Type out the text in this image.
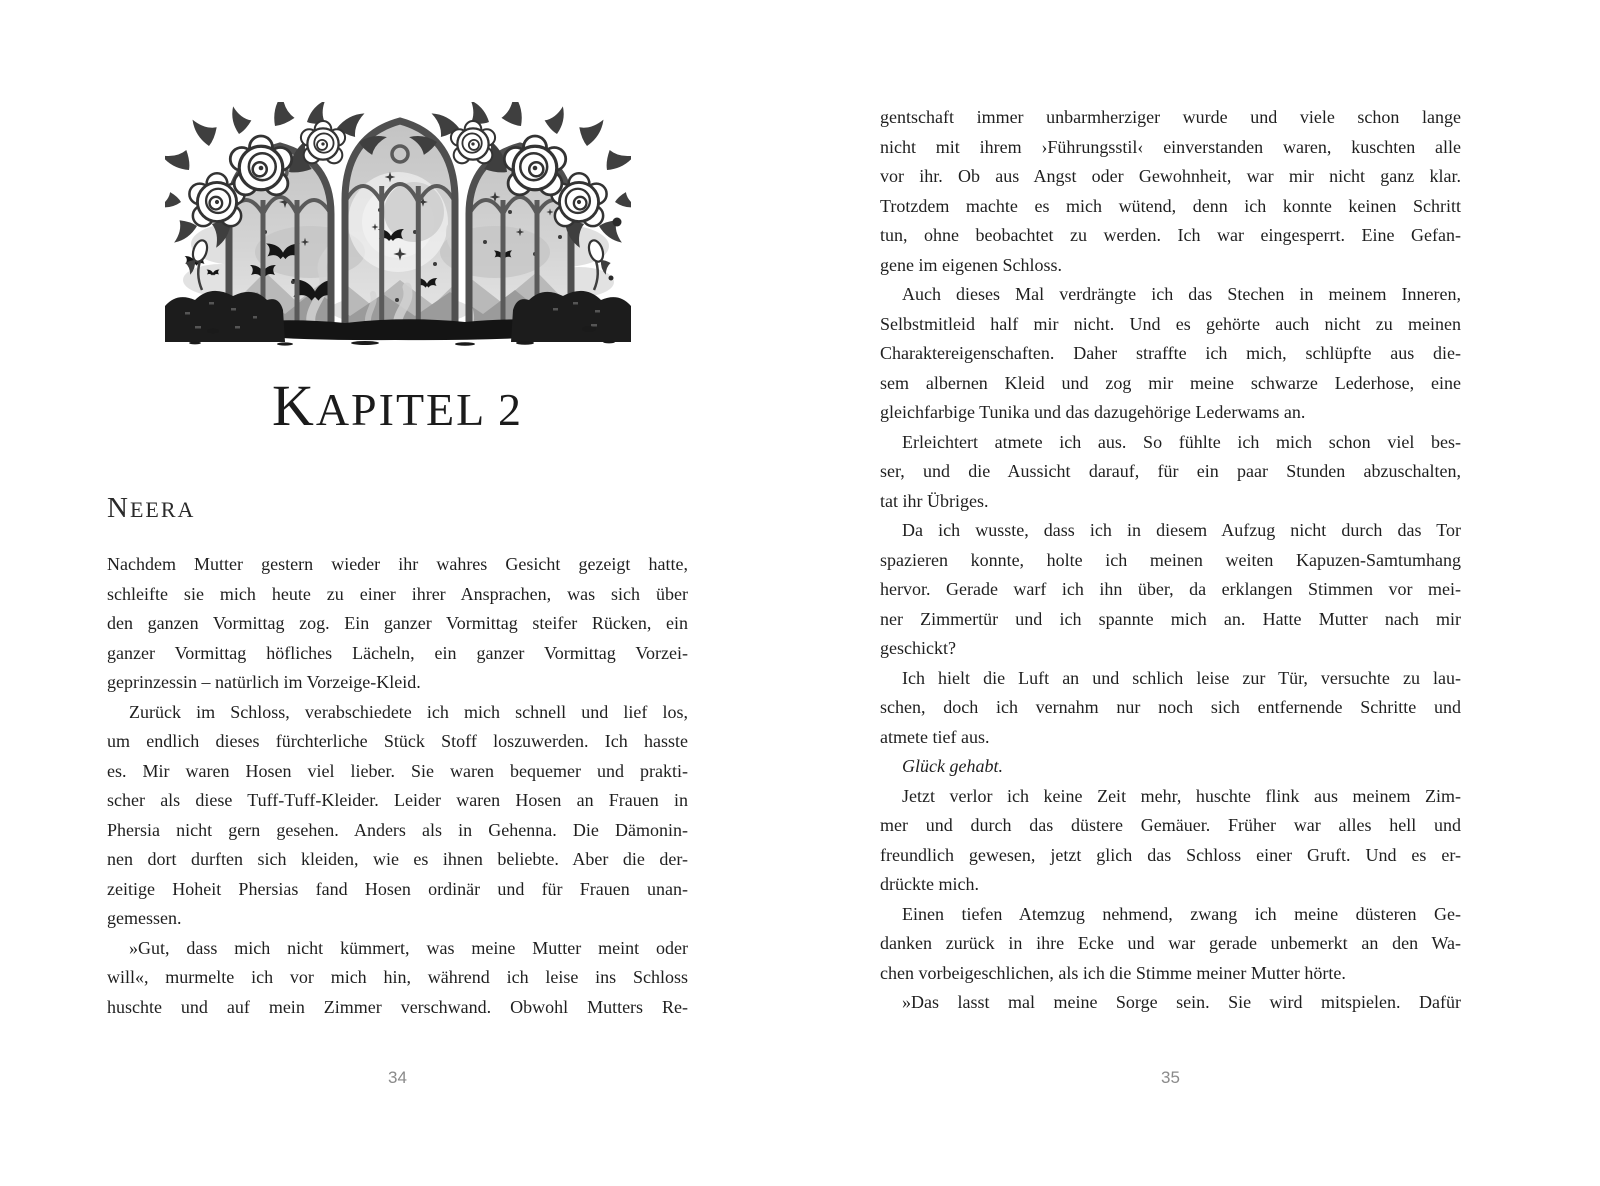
KAPITEL 2
NEERA
Nachdem Mutter gestern wieder ihr wahres Gesicht gezeigt hatte,
schleifte sie mich heute zu einer ihrer Ansprachen, was sich über
den ganzen Vormittag zog. Ein ganzer Vormittag steifer Rücken, ein
ganzer Vormittag höfliches Lächeln, ein ganzer Vormittag Vorzei-
geprinzessin – natürlich im Vorzeige-Kleid.
Zurück im Schloss, verabschiedete ich mich schnell und lief los,
um endlich dieses fürchterliche Stück Stoff loszuwerden. Ich hasste
es. Mir waren Hosen viel lieber. Sie waren bequemer und prakti-
scher als diese Tuff-Tuff-Kleider. Leider waren Hosen an Frauen in
Phersia nicht gern gesehen. Anders als in Gehenna. Die Dämonin-
nen dort durften sich kleiden, wie es ihnen beliebte. Aber die der-
zeitige Hoheit Phersias fand Hosen ordinär und für Frauen unan-
gemessen.
»Gut, dass mich nicht kümmert, was meine Mutter meint oder
will«, murmelte ich vor mich hin, während ich leise ins Schloss
huschte und auf mein Zimmer verschwand. Obwohl Mutters Re-
34
gentschaft immer unbarmherziger wurde und viele schon lange
nicht mit ihrem ›Führungsstil‹ einverstanden waren, kuschten alle
vor ihr. Ob aus Angst oder Gewohnheit, war mir nicht ganz klar.
Trotzdem machte es mich wütend, denn ich konnte keinen Schritt
tun, ohne beobachtet zu werden. Ich war eingesperrt. Eine Gefan-
gene im eigenen Schloss.
Auch dieses Mal verdrängte ich das Stechen in meinem Inneren,
Selbstmitleid half mir nicht. Und es gehörte auch nicht zu meinen
Charaktereigenschaften. Daher straffte ich mich, schlüpfte aus die-
sem albernen Kleid und zog mir meine schwarze Lederhose, eine
gleichfarbige Tunika und das dazugehörige Lederwams an.
Erleichtert atmete ich aus. So fühlte ich mich schon viel bes-
ser, und die Aussicht darauf, für ein paar Stunden abzuschalten,
tat ihr Übriges.
Da ich wusste, dass ich in diesem Aufzug nicht durch das Tor
spazieren konnte, holte ich meinen weiten Kapuzen-Samtumhang
hervor. Gerade warf ich ihn über, da erklangen Stimmen vor mei-
ner Zimmertür und ich spannte mich an. Hatte Mutter nach mir
geschickt?
Ich hielt die Luft an und schlich leise zur Tür, versuchte zu lau-
schen, doch ich vernahm nur noch sich entfernende Schritte und
atmete tief aus.
Glück gehabt.
Jetzt verlor ich keine Zeit mehr, huschte flink aus meinem Zim-
mer und durch das düstere Gemäuer. Früher war alles hell und
freundlich gewesen, jetzt glich das Schloss einer Gruft. Und es er-
drückte mich.
Einen tiefen Atemzug nehmend, zwang ich meine düsteren Ge-
danken zurück in ihre Ecke und war gerade unbemerkt an den Wa-
chen vorbeigeschlichen, als ich die Stimme meiner Mutter hörte.
»Das lasst mal meine Sorge sein. Sie wird mitspielen. Dafür
35
